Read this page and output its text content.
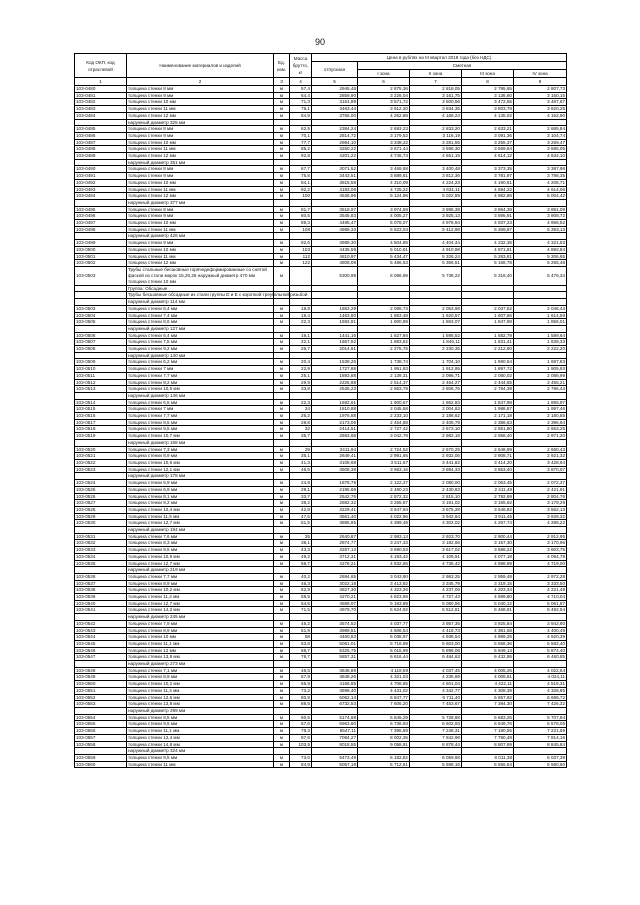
90
Код ОКП, код отраслевой	Наименование материалов и изделий	Ед. изм.	Масса брутто, кг	Цена в рублях на III квартал 2018 года (без НДС)				
				отпускная	Сметная			
					I зона	II зона	III зона	IV зона
1	2	3	4	5	6	7	8	9
103-0480	толщина стенки 8 мм	м	57,4	2945,48	2 875,36	2 818,05	2 795,65	2 807,73
103-0481	толщина стенки 9 мм	м	64,4	2859,90	3 226,04	3 161,75	3 136,60	3 150,15
103-0482	толщина стенки 10 мм	м	71,3	3161,89	3 571,72	3 500,56	3 472,65	3 487,67
103-0483	толщина стенки 11 мм	м	78,1	3463,44	3 912,30	3 834,35	3 803,79	3 820,25
103-0484	толщина стенки 12 мм	м	84,9	3765,00	4 252,88	4 168,24	4 135,02	4 152,90
	наружный диаметр 325 мм							
103-0485	толщина стенки 8 мм	м	62,5	2384,24	2 693,23	2 833,20	2 633,21	2 685,84
103-0486	толщина стенки 9 мм	м	70,1	2814,72	3 179,52	3 116,19	3 091,36	3 104,74
103-0487	толщина стенки 10 мм	м	77,7	2964,10	3 348,22	3 281,55	3 255,37	3 269,47
103-0488	толщина стенки 11 мм	м	85,2	3250,22	3 671,44	3 598,30	3 569,64	3 585,05
103-0489	толщина стенки 12 мм	м	92,8	4201,22	4 745,73	4 651,19	4 614,12	4 634,10
	наружный диаметр 351 мм							
103-0490	толщина стенки 8 мм	м	67,7	3071,52	3 469,58	3 400,48	3 373,35	3 387,98
103-0491	толщина стенки 9 мм	м	75,8	3443,51	3 889,81	3 812,36	3 781,97	3 798,35
103-0492	толщина стенки 10 мм	м	84,1	3815,58	4 310,09	4 224,23	4 190,61	4 208,71
103-0493	толщина стенки 11 мм	м	92,2	4183,08	4 725,22	4 631,11	4 594,22	4 614,06
103-0494	толщина стенки 12 мм	м	100	4536,96	5 124,96	5 022,89	4 982,86	5 004,42
	наружный диаметр 377 мм							
103-0495	толщина стенки 8 мм	м	81,7	3518,97	3 974,59	3 895,38	3 864,39	3 881,09
103-0496	толщина стенки 9 мм	м	80,5	3545,83	4 005,27	3 925,13	3 895,91	3 908,72
103-0497	толщина стенки 10 мм	м	89,3	4495,47	5 078,07	4 976,94	4 937,23	4 958,52
103-0498	толщина стенки 11 мм	м	108	4889,33	5 523,03	5 412,98	5 369,87	5 393,13
	наружный диаметр 426 мм							
103-0499	толщина стенки 9 мм	м	92,6	3989,30	4 504,85	4 404,44	4 232,35	4 321,53
103-0500	толщина стенки 10 мм	м	103	4435,59	5 010,81	4 910,98	4 871,81	4 892,84
103-0501	толщина стенки 11 мм	м	112	4810,97	5 434,47	5 326,24	5 283,81	5 306,65
103-0502	толщина стенки 12 мм	м	122	4808,08	5 486,53	5 366,51	5 158,78	5 265,48
103-0503	Трубы стальные бесшовные горячедеформированные со снятой фаской из стали марок 15,20,25 наружный диаметр 470 мм толщина стенки 10 мм	м		5300,99	6 096,99	5 738,22	5 318,40	5 476,34
	Группа: Обсадные							
	Трубы бесшовные обсадные из стали группы D и Е с короткой треугольной резьбой							
	наружный диаметр 114 мм							
103-0503	толщина стенки 6,4 мм	м	18,8	1853,29	2 095,73	2 053,98	2 037,62	2 046,43
103-0504	толщина стенки 7,4 мм	м	19,4	1463,80	1 653,48	1 620,57	1 607,66	1 614,59
103-0505	толщина стенки 8,6 мм	м	22,3	1682,81	1 900,89	1 863,07	1 847,98	1 856,01
	наружный диаметр 127 мм							
103-0506	толщина стенки 6,4 мм	м	19,1	1441,16	1 627,94	1 595,52	1 582,79	1 589,64
103-0507	толщина стенки 7,5 мм	м	22,1	1667,52	1 883,62	1 846,11	1 831,41	1 839,33
103-0508	толщина стенки 9,2 мм	м	26,7	2014,61	2 275,75	2 230,35	2 212,60	2 222,20
	наружный диаметр 140 мм							
103-0509	толщина стенки 6,2 мм	м	20,4	1539,25	1 738,74	1 704,10	1 690,54	1 697,83
103-0510	толщина стенки 7 мм	м	22,9	1727,88	1 951,83	1 912,95	1 897,72	1 905,93
103-0511	толщина стенки 7,7 мм	м	25,1	1893,88	2 139,31	2 096,71	2 080,02	2 088,99
103-0512	толщина стенки 9,2 мм	м	29,9	2225,88	2 514,37	2 464,27	2 444,65	2 455,21
103-0513	толщина стенки 10,5 мм	м	33,8	2535,23	2 863,79	2 806,76	2 784,39	2 796,43
	наружный диаметр 146 мм							
103-0514	толщина стенки 6,5 мм	м	22,3	1682,61	1 900,67	1 862,83	1 847,98	1 855,97
103-0515	толщина стенки 7 мм	м	24	1810,88	2 045,58	2 004,83	1 988,87	1 997,46
103-0516	толщина стенки 7,7 мм	м	26,2	1976,88	2 233,10	2 188,62	2 171,18	2 180,55
103-0517	толщина стенки 8,5 мм	м	28,8	2173,06	2 454,68	2 405,79	2 386,63	2 396,94
103-0518	толщина стенки 9,5 мм	м	32	2414,51	2 727,42	2 673,10	2 651,80	2 663,25
103-0519	толщина стенки 10,7 мм	м	35,7	2693,68	3 042,78	2 982,18	2 958,40	2 971,20
	наружный диаметр 168 мм							
103-0520	толщина стенки 7,3 мм	м	29	2411,94	2 724,52	2 670,25	2 648,99	2 660,43
103-0521	толщина стенки 8,9 мм	м	35,1	2649,41	2 991,65	2 932,06	2 908,71	2 921,32
103-0522	толщина стенки 10,6 мм	м	41,3	3108,68	3 511,67	3 441,82	3 414,20	3 428,94
103-0523	толщина стенки 12,1 мм	м	46,5	3508,38	3 963,16	3 884,33	3 853,40	3 870,07
	наружный диаметр 178 мм							
103-0524	толщина стенки 5,9 мм	м	24,9	1878,79	2 122,27	2 080,00	2 063,45	2 072,37
103-0525	толщина стенки 6,9 мм	м	29,1	2195,69	2 480,23	2 430,83	2 411,48	2 421,91
103-0526	толщина стенки 8,1 мм	м	33,7	2542,76	2 872,32	2 815,10	2 792,69	2 804,76
103-0527	толщина стенки 9,2 мм	м	38,2	2882,32	3 255,87	3 191,02	3 165,62	3 179,29
103-0528	толщина стенки 10,4 мм	м	42,8	3229,41	3 647,94	3 575,28	3 546,82	3 562,13
103-0529	толщина стенки 11,5 мм	м	47,5	3561,40	4 022,96	3 942,84	3 911,45	3 928,32
103-0530	толщина стенки 12,7 мм	м	51,5	3885,85	4 389,48	4 302,02	4 267,74	4 286,22
	наружный диаметр 194 мм							
103-0531	толщина стенки 7,6 мм	м	35	2640,87	2 983,13	2 923,70	2 900,44	2 912,95
103-0532	толщина стенки 8,3 мм	м	38,1	2874,77	3 247,33	3 182,66	3 157,30	3 170,96
103-0533	толщина стенки 9,5 мм	м	43,3	3267,13	3 690,53	3 617,02	3 588,22	3 603,75
103-0534	толщина стенки 10,9 мм	м	49,2	3712,31	4 193,42	4 109,91	4 077,18	4 094,79
103-0535	толщина стенки 12,7 мм	м	56,7	4278,21	4 832,66	4 736,42	4 698,69	4 719,00
	наружный диаметр 219 мм							
103-0536	толщина стенки 7,7 мм	м	40,2	2694,65	3 043,90	2 983,25	2 959,48	2 972,28
103-0537	толщина стенки 8,9 мм	м	46,3	3022,18	3 413,82	3 345,79	3 319,15	3 333,50
103-0538	толщина стенки 10,2 мм	м	52,9	3827,30	4 323,26	4 237,09	4 203,34	4 221,49
103-0539	толщина стенки 11,4 мм	м	58,5	4270,21	4 823,58	4 727,43	4 689,80	4 710,04
103-0540	толщина стенки 12,7 мм	м	64,6	4589,07	5 183,89	5 080,56	5 040,12	5 061,87
103-0541	толщина стенки 14,2 мм	м	71,5	4979,70	5 624,92	5 512,81	5 468,91	5 492,54
	наружный диаметр 245 мм							
103-0542	толщина стенки 7,9 мм	м	46,2	3574,52	4 037,77	3 957,35	3 925,84	3 942,80
103-0543	толщина стенки 8,9 мм	м	51,9	3989,51	4 506,54	4 416,73	4 381,58	4 400,49
103-0544	толщина стенки 10 мм	м	58	4460,83	5 038,97	4 938,54	4 899,25	4 920,39
103-0545	толщина стенки 11,1 мм	м	63,6	5061,01	5 716,89	5 603,00	5 558,36	5 582,40
103-0546	толщина стенки 12 мм	м	68,7	5325,75	6 015,99	5 896,08	5 849,13	5 874,40
103-0547	толщина стенки 13,8 мм	м	78,7	5857,31	6 616,44	6 484,63	6 432,95	6 460,85
	наружный диаметр 273 мм							
103-0548	толщина стенки 7,1 мм	м	46,5	3646,89	4 119,59	4 037,45	4 005,26	4 022,64
103-0549	толщина стенки 8,9 мм	м	57,9	3848,26	4 321,03	4 235,89	4 006,61	4 024,11
103-0550	толщина стенки 10,2 мм	м	65,9	4166,85	4 706,85	4 601,04	4 422,11	4 515,31
103-0551	толщина стенки 11,4 мм	м	73,2	3698,40	4 431,02	4 342,77	4 308,39	4 326,85
103-0552	толщина стенки 12,6 мм	м	80,8	6062,14	6 847,77	6 711,40	6 657,92	6 686,72
103-0553	толщина стенки 13,8 мм	м	88,5	6732,53	7 606,20	7 453,67	7 394,30	7 426,32
	наружный диаметр 299 мм							
103-0554	толщина стенки 8,5 мм	м	60,5	5174,68	5 845,29	5 728,88	5 683,26	5 707,84
103-0555	толщина стенки 9,5 мм	м	67,6	5963,60	6 736,93	6 602,93	6 549,76	6 578,05
103-0556	толщина стенки 11,1 мм	м	78,3	6547,11	7 395,59	7 248,31	7 190,55	7 221,69
103-0557	толщина стенки 12,4 мм	м	87,6	7084,27	8 002,35	7 842,98	7 780,48	7 814,16
103-0558	толщина стенки 14,8 мм	м	103,5	8018,55	9 058,91	8 878,44	8 807,69	8 845,84
	наружный диаметр 324 мм							
103-0559	толщина стенки 9,5 мм	м	73,6	5473,49	6 182,82	6 059,68	6 011,38	6 037,39
103-0560	толщина стенки 11 мм	м	84,9	5057,19	5 712,61	5 598,15	5 556,54	5 580,60
